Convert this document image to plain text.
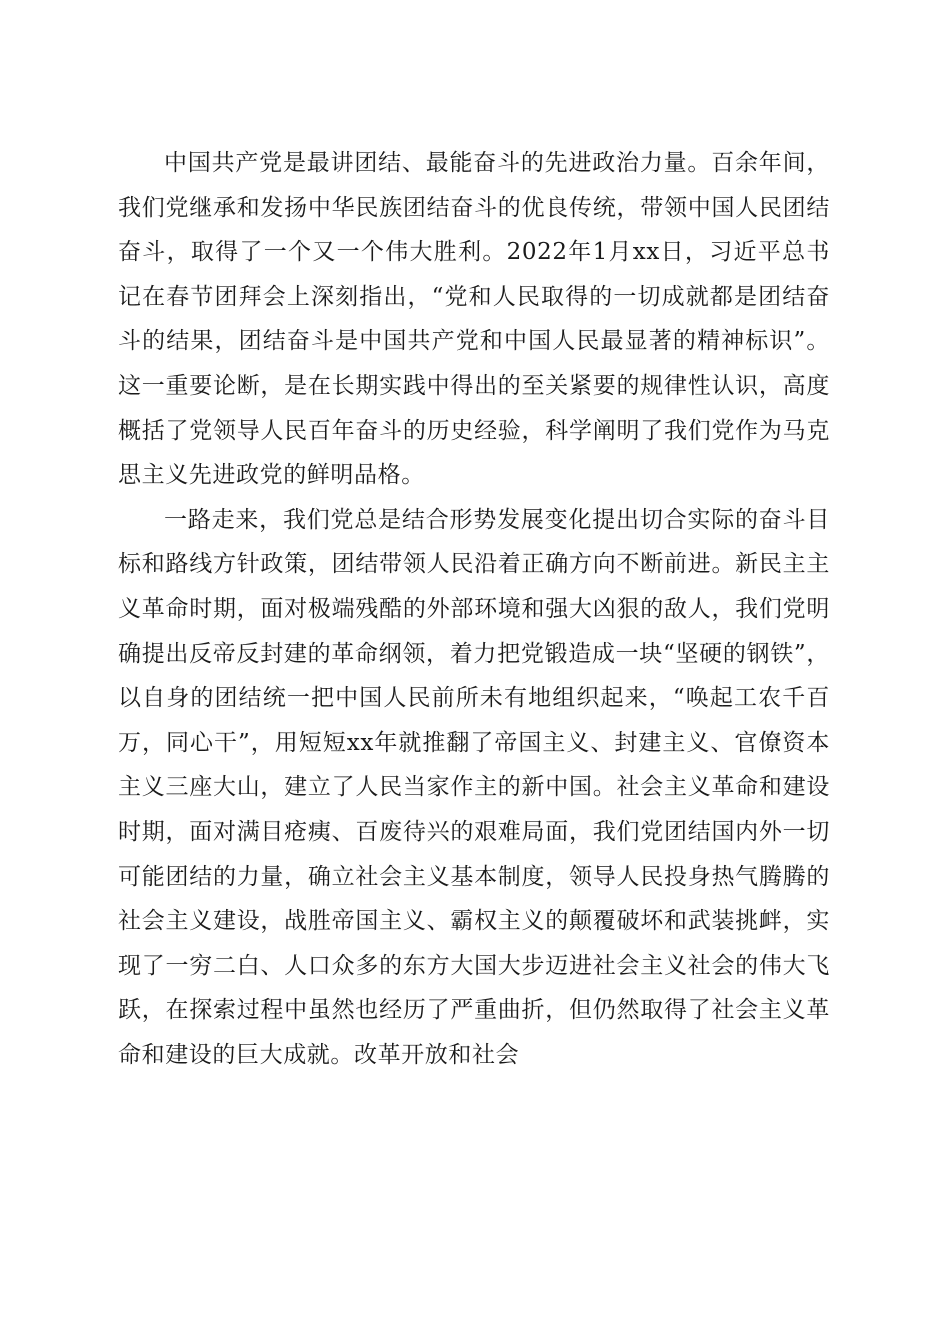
中国共产党是最讲团结、最能奋斗的先进政治力量。百余年间，我们党继承和发扬中华民族团结奋斗的优良传统，带领中国人民团结奋斗，取得了一个又一个伟大胜利。2022年1月xx日，习近平总书记在春节团拜会上深刻指出，“党和人民取得的一切成就都是团结奋斗的结果，团结奋斗是中国共产党和中国人民最显著的精神标识”。这一重要论断，是在长期实践中得出的至关紧要的规律性认识，高度概括了党领导人民百年奋斗的历史经验，科学阐明了我们党作为马克思主义先进政党的鲜明品格。

一路走来，我们党总是结合形势发展变化提出切合实际的奋斗目标和路线方针政策，团结带领人民沿着正确方向不断前进。新民主主义革命时期，面对极端残酷的外部环境和强大凶狠的敌人，我们党明确提出反帝反封建的革命纲领，着力把党锻造成一块“坚硬的钢铁”，以自身的团结统一把中国人民前所未有地组织起来，“唤起工农千百万，同心干”，用短短xx年就推翻了帝国主义、封建主义、官僚资本主义三座大山，建立了人民当家作主的新中国。社会主义革命和建设时期，面对满目疮痍、百废待兴的艰难局面，我们党团结国内外一切可能团结的力量，确立社会主义基本制度，领导人民投身热气腾腾的社会主义建设，战胜帝国主义、霸权主义的颠覆破坏和武装挑衅，实现了一穷二白、人口众多的东方大国大步迈进社会主义社会的伟大飞跃，在探索过程中虽然也经历了严重曲折，但仍然取得了社会主义革命和建设的巨大成就。改革开放和社会
